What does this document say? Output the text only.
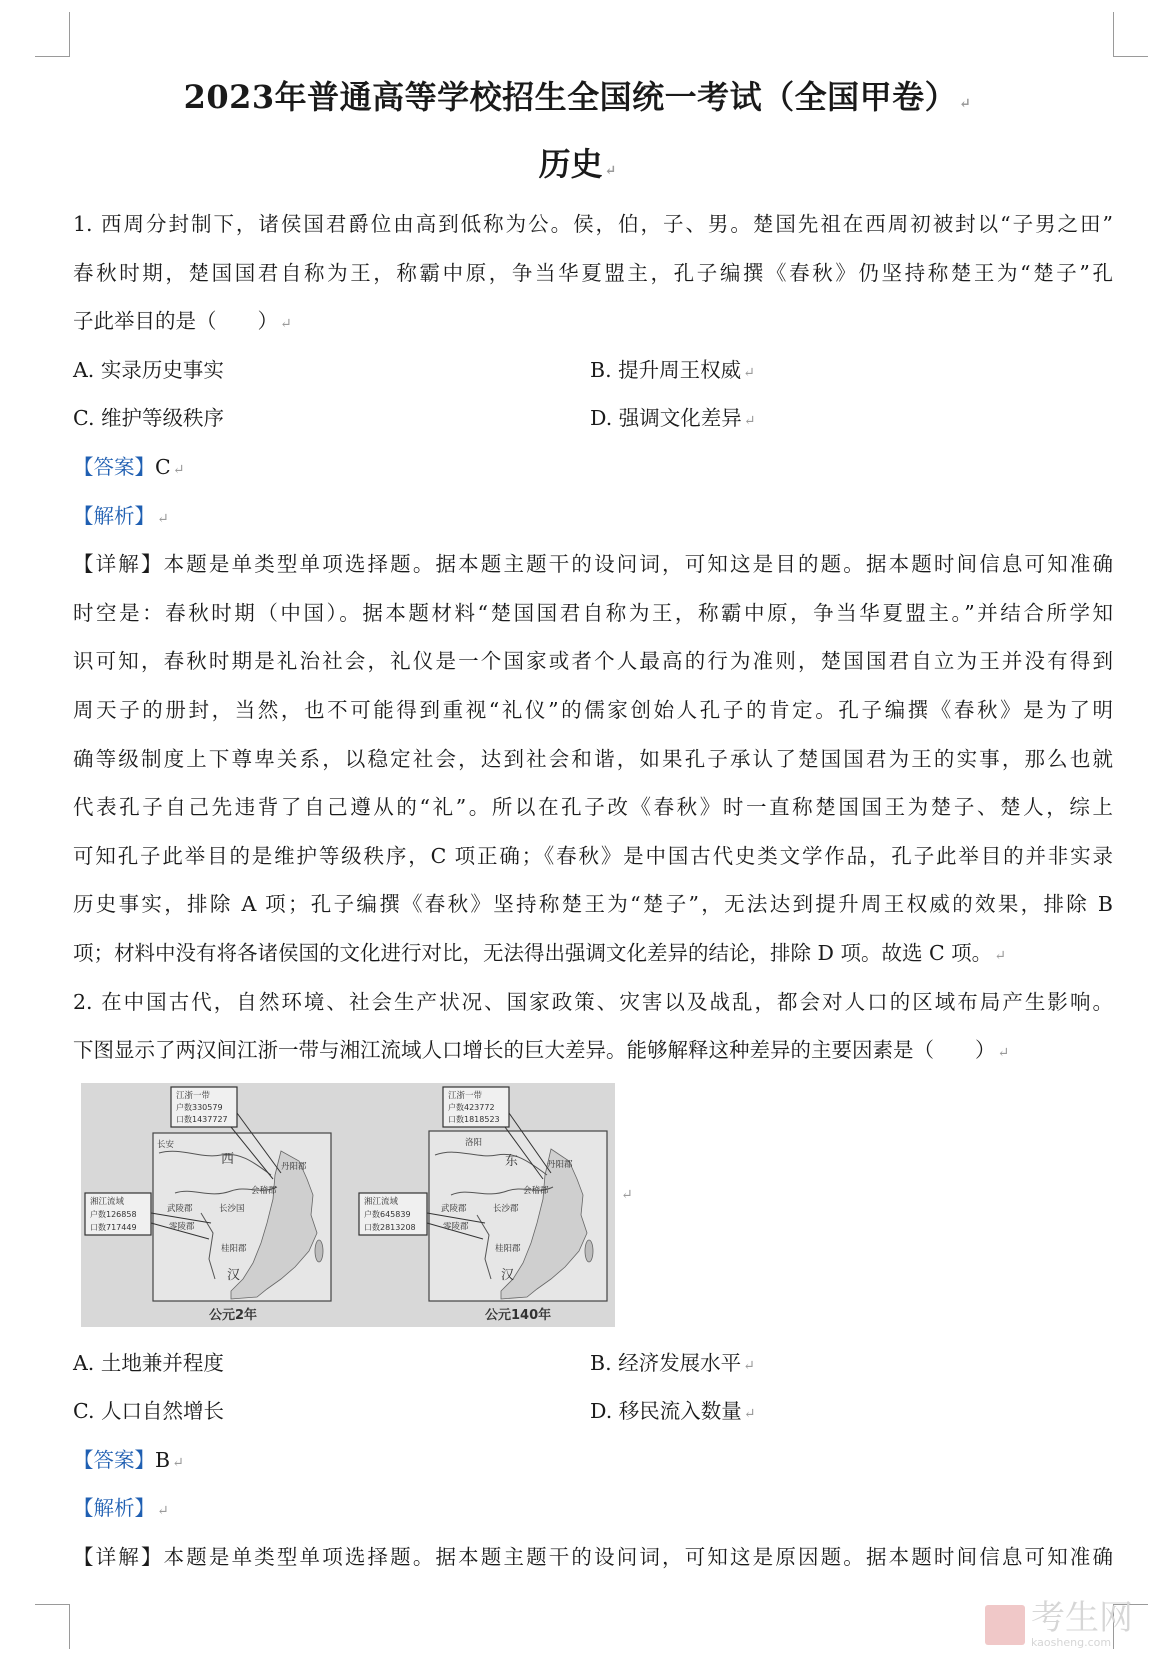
2023年普通高等学校招生全国统一考试（全国甲卷） ↵
历史 ↵
1. 西周分封制下，诸侯国君爵位由高到低称为公。侯，伯，子、男。楚国先祖在西周初被封以“子男之田”
春秋时期，楚国国君自称为王，称霸中原，争当华夏盟主，孔子编撰《春秋》仍坚持称楚王为“楚子”孔
子此举目的是（　　） ↵
A. 实录历史事实	B. 提升周王权威 ↵
C. 维护等级秩序	D. 强调文化差异 ↵
【答案】C ↵
【解析】 ↵
【详解】本题是单类型单项选择题。据本题主题干的设问词，可知这是目的题。据本题时间信息可知准确
时空是：春秋时期（中国）。据本题材料“楚国国君自称为王，称霸中原，争当华夏盟主。”并结合所学知
识可知，春秋时期是礼治社会，礼仪是一个国家或者个人最高的行为准则，楚国国君自立为王并没有得到
周天子的册封，当然，也不可能得到重视“礼仪”的儒家创始人孔子的肯定。孔子编撰《春秋》是为了明
确等级制度上下尊卑关系，以稳定社会，达到社会和谐，如果孔子承认了楚国国君为王的实事，那么也就
代表孔子自己先违背了自己遵从的“礼”。所以在孔子改《春秋》时一直称楚国国王为楚子、楚人，综上
可知孔子此举目的是维护等级秩序，C 项正确；《春秋》是中国古代史类文学作品，孔子此举目的并非实录
历史事实，排除 A 项；孔子编撰《春秋》坚持称楚王为“楚子”，无法达到提升周王权威的效果，排除 B
项；材料中没有将各诸侯国的文化进行对比，无法得出强调文化差异的结论，排除 D 项。故选 C 项。 ↵
2. 在中国古代，自然环境、社会生产状况、国家政策、灾害以及战乱，都会对人口的区域布局产生影响。
下图显示了两汉间江浙一带与湘江流域人口增长的巨大差异。能够解释这种差异的主要因素是（　　） ↵
江浙一带
户数330579
口数1437727
湘江流域
户数126858
口数717449
长安
西
汉
武陵郡	长沙国
零陵郡
桂阳郡
丹阳郡
会稽郡
公元2年
江浙一带
户数423772
口数1818523
湘江流域
户数645839
口数2813208
洛阳
东
汉
武陵郡	长沙郡
零陵郡
桂阳郡
丹阳郡
会稽郡
公元140年
↵
A. 土地兼并程度	B. 经济发展水平 ↵
C. 人口自然增长	D. 移民流入数量 ↵
【答案】B ↵
【解析】 ↵
【详解】本题是单类型单项选择题。据本题主题干的设问词，可知这是原因题。据本题时间信息可知准确
考生网
kaosheng.com
